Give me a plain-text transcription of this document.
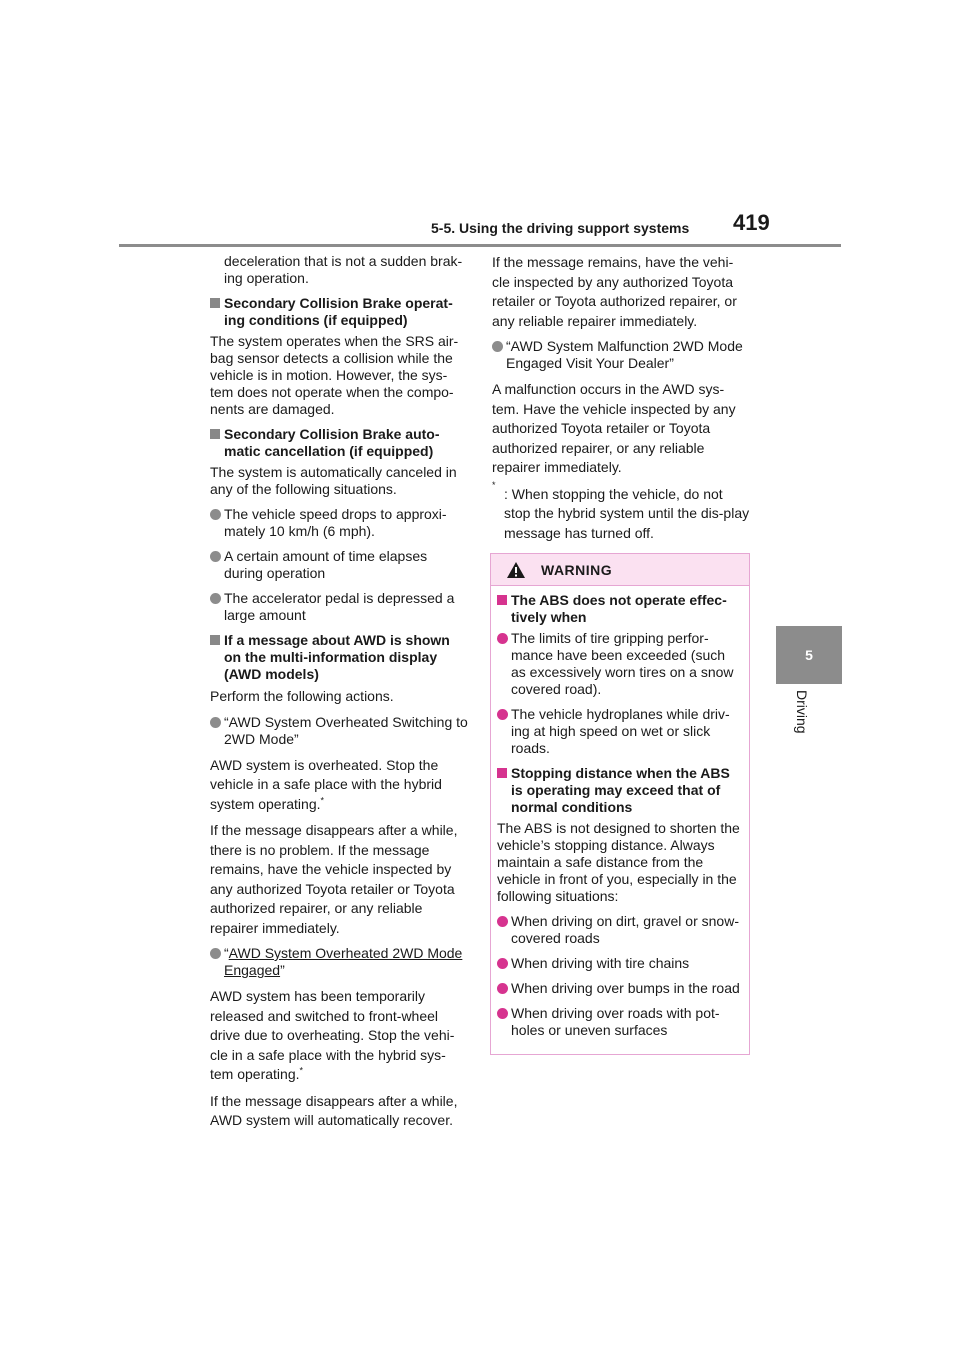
5-5. Using the driving support systems 419
5
Driving

deceleration that is not a sudden brak-ing operation.

Secondary Collision Brake operat-ing conditions (if equipped)

The system operates when the SRS air-bag sensor detects a collision while the vehicle is in motion. However, the sys-tem does not operate when the compo-nents are damaged.

Secondary Collision Brake auto-matic cancellation (if equipped)

The system is automatically canceled in any of the following situations.

The vehicle speed drops to approxi-mately 10 km/h (6 mph).
A certain amount of time elapses during operation
The accelerator pedal is depressed a large amount
If a message about AWD is shown on the multi-information display (AWD models)

Perform the following actions.

“AWD System Overheated Switching to 2WD Mode”

AWD system is overheated. Stop the vehicle in a safe place with the hybrid system operating.*

If the message disappears after a while, there is no problem. If the message remains, have the vehicle inspected by any authorized Toyota retailer or Toyota authorized repairer, or any reliable repairer immediately.

“AWD System Overheated 2WD Mode Engaged”

AWD system has been temporarily released and switched to front-wheel drive due to overheating. Stop the vehi-cle in a safe place with the hybrid sys-tem operating.*

If the message disappears after a while, AWD system will automatically recover.

If the message remains, have the vehi-cle inspected by any authorized Toyota retailer or Toyota authorized repairer, or any reliable repairer immediately.

“AWD System Malfunction 2WD Mode Engaged Visit Your Dealer”

A malfunction occurs in the AWD sys-tem. Have the vehicle inspected by any authorized Toyota retailer or Toyota authorized repairer, or any reliable repairer immediately.

*
: When stopping the vehicle, do not stop the hybrid system until the dis-play message has turned off.
WARNING
The ABS does not operate effec-tively when
The limits of tire gripping perfor-mance have been exceeded (such as excessively worn tires on a snow covered road).
The vehicle hydroplanes while driv-ing at high speed on wet or slick roads.
Stopping distance when the ABS is operating may exceed that of normal conditions

The ABS is not designed to shorten the vehicle’s stopping distance. Always maintain a safe distance from the vehicle in front of you, especially in the following situations:

When driving on dirt, gravel or snow-covered roads
When driving with tire chains
When driving over bumps in the road
When driving over roads with pot-holes or uneven surfaces
